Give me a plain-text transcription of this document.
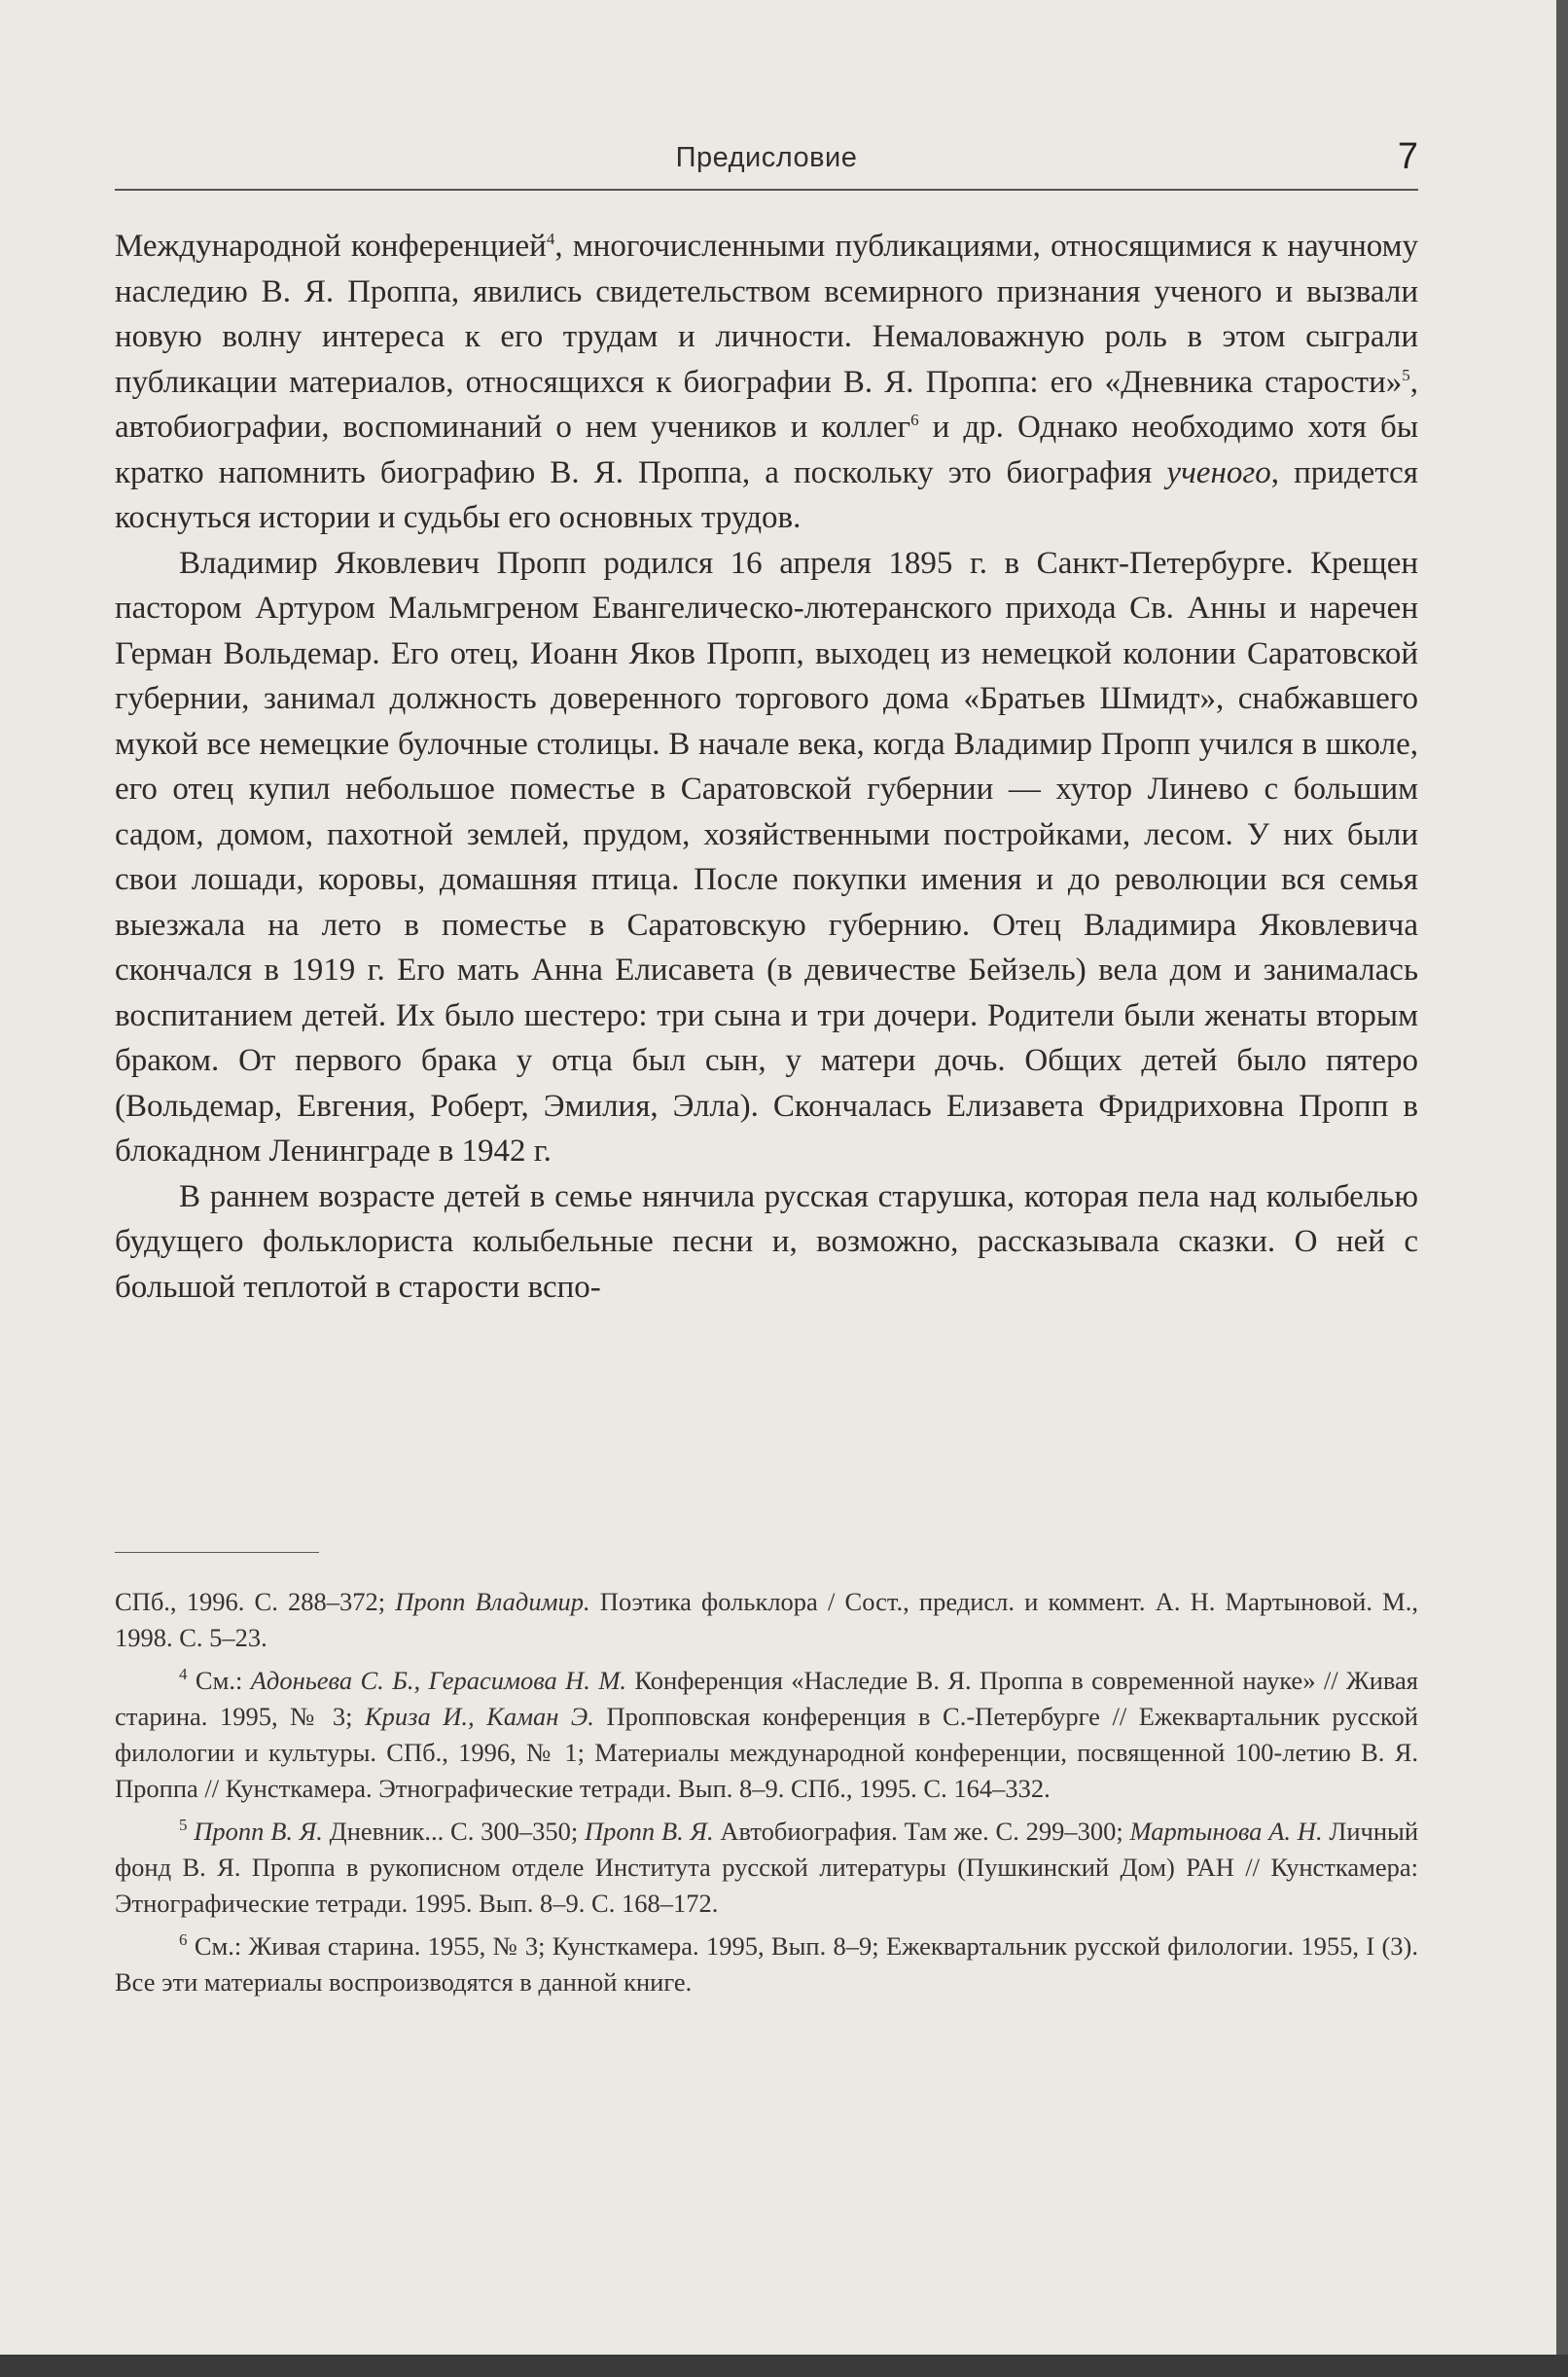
Предисловие	7

Международной конференцией$^4$, многочисленными публикациями, относящимися к научному наследию В. Я. Проппа, явились свидетельством всемирного признания ученого и вызвали новую волну интереса к его трудам и личности. Немаловажную роль в этом сыграли публикации материалов, относящихся к биографии В. Я. Проппа: его «Дневника старости»$^5$, автобиографии, воспоминаний о нем учеников и коллег$^6$ и др. Однако необходимо хотя бы кратко напомнить биографию В. Я. Проппа, а поскольку это биография ученого, придется коснуться истории и судьбы его основных трудов.

Владимир Яковлевич Пропп родился 16 апреля 1895 г. в Санкт-Петербурге. Крещен пастором Артуром Мальмгреном Евангелическо-лютеранского прихода Св. Анны и наречен Герман Вольдемар. Его отец, Иоанн Яков Пропп, выходец из немецкой колонии Саратовской губернии, занимал должность доверенного торгового дома «Братьев Шмидт», снабжавшего мукой все немецкие булочные столицы. В начале века, когда Владимир Пропп учился в школе, его отец купил небольшое поместье в Саратовской губернии — хутор Линево с большим садом, домом, пахотной землей, прудом, хозяйственными постройками, лесом. У них были свои лошади, коровы, домашняя птица. После покупки имения и до революции вся семья выезжала на лето в поместье в Саратовскую губернию. Отец Владимира Яковлевича скончался в 1919 г. Его мать Анна Елисавета (в девичестве Бейзель) вела дом и занималась воспитанием детей. Их было шестеро: три сына и три дочери. Родители были женаты вторым браком. От первого брака у отца был сын, у матери дочь. Общих детей было пятеро (Вольдемар, Евгения, Роберт, Эмилия, Элла). Скончалась Елизавета Фридриховна Пропп в блокадном Ленинграде в 1942 г.

В раннем возрасте детей в семье нянчила русская старушка, которая пела над колыбелью будущего фольклориста колыбельные песни и, возможно, рассказывала сказки. О ней с большой теплотой в старости вспо-

СПб., 1996. С. 288–372; Пропп Владимир. Поэтика фольклора / Сост., предисл. и коммент. А. Н. Мартыновой. М., 1998. С. 5–23.

$^4$ См.: Адоньева С. Б., Герасимова Н. М. Конференция «Наследие В. Я. Проппа в современной науке» // Живая старина. 1995, № 3; Криза И., Каман Э. Пропповская конференция в С.-Петербурге // Ежеквартальник русской филологии и культуры. СПб., 1996, № 1; Материалы международной конференции, посвященной 100-летию В. Я. Проппа // Кунсткамера. Этнографические тетради. Вып. 8–9. СПб., 1995. С. 164–332.

$^5$ Пропп В. Я. Дневник... С. 300–350; Пропп В. Я. Автобиография. Там же. С. 299–300; Мартынова А. Н. Личный фонд В. Я. Проппа в рукописном отделе Института русской литературы (Пушкинский Дом) РАН // Кунсткамера: Этнографические тетради. 1995. Вып. 8–9. С. 168–172.

$^6$ См.: Живая старина. 1955, № 3; Кунсткамера. 1995, Вып. 8–9; Ежеквартальник русской филологии. 1955, I (3). Все эти материалы воспроизводятся в данной книге.
